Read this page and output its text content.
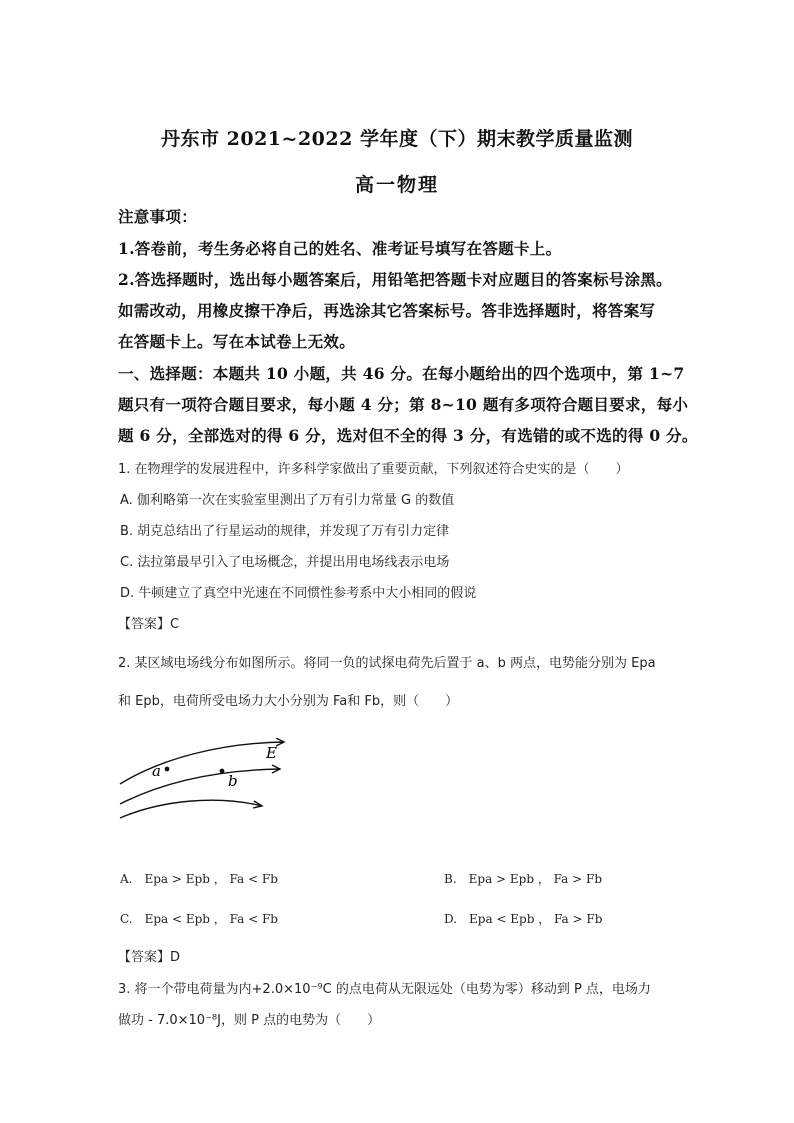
丹东市 2021~2022 学年度（下）期末教学质量监测
高一物理
注意事项：
1.答卷前，考生务必将自己的姓名、准考证号填写在答题卡上。
2.答选择题时，选出每小题答案后，用铅笔把答题卡对应题目的答案标号涂黑。
如需改动，用橡皮擦干净后，再选涂其它答案标号。答非选择题时，将答案写
在答题卡上。写在本试卷上无效。
一、选择题：本题共 10 小题，共 46 分。在每小题给出的四个选项中，第 1~7
题只有一项符合题目要求，每小题 4 分；第 8~10 题有多项符合题目要求，每小
题 6 分，全部选对的得 6 分，选对但不全的得 3 分，有选错的或不选的得 0 分。
1. 在物理学的发展进程中，许多科学家做出了重要贡献，下列叙述符合史实的是（　　）
A. 伽利略第一次在实验室里测出了万有引力常量 G 的数值
B. 胡克总结出了行星运动的规律，并发现了万有引力定律
C. 法拉第最早引入了电场概念，并提出用电场线表示电场
D. 牛顿建立了真空中光速在不同惯性参考系中大小相同的假说
【答案】C
2. 某区域电场线分布如图所示。将同一负的试探电荷先后置于 a、b 两点，电势能分别为 Epa
和 Epb，电荷所受电场力大小分别为 Fa和 Fb，则（　　）
a
b
E
A.　Epa > Epb ， Fa < Fb	B.　Epa > Epb ， Fa > Fb
C.　Epa < Epb ， Fa < Fb	D.　Epa < Epb ， Fa > Fb
【答案】D
3. 将一个带电荷量为内+2.0×10⁻⁹C 的点电荷从无限远处（电势为零）移动到 P 点，电场力
做功 - 7.0×10⁻⁸J，则 P 点的电势为（　　）
